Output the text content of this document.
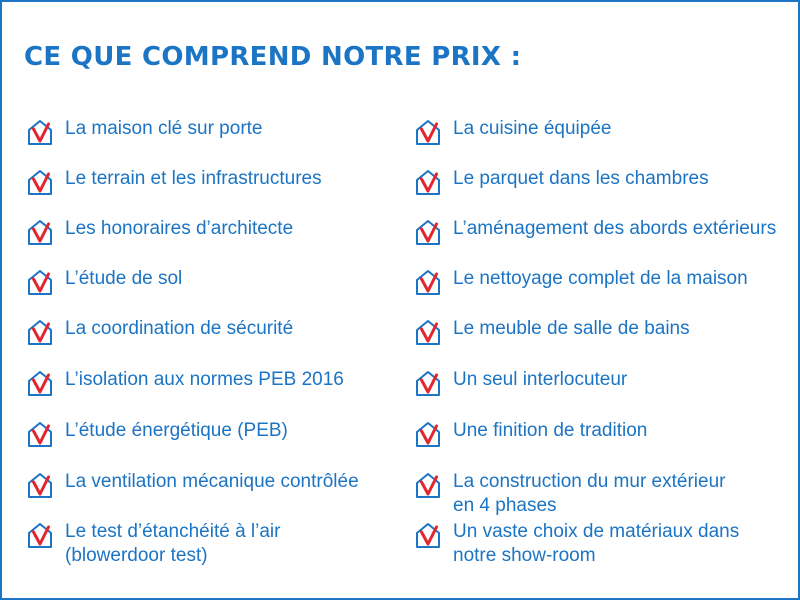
CE QUE COMPREND NOTRE PRIX :
La maison clé sur porte
Le terrain et les infrastructures
Les honoraires d’architecte
L’étude de sol
La coordination de sécurité
L’isolation aux normes PEB 2016
L’étude énergétique (PEB)
La ventilation mécanique contrôlée
Le test d’étanchéité à l’air
(blowerdoor test)
La cuisine équipée
Le parquet dans les chambres
L’aménagement des abords extérieurs
Le nettoyage complet de la maison
Le meuble de salle de bains
Un seul interlocuteur
Une finition de tradition
La construction du mur extérieur
en 4 phases
Un vaste choix de matériaux dans
notre show-room
